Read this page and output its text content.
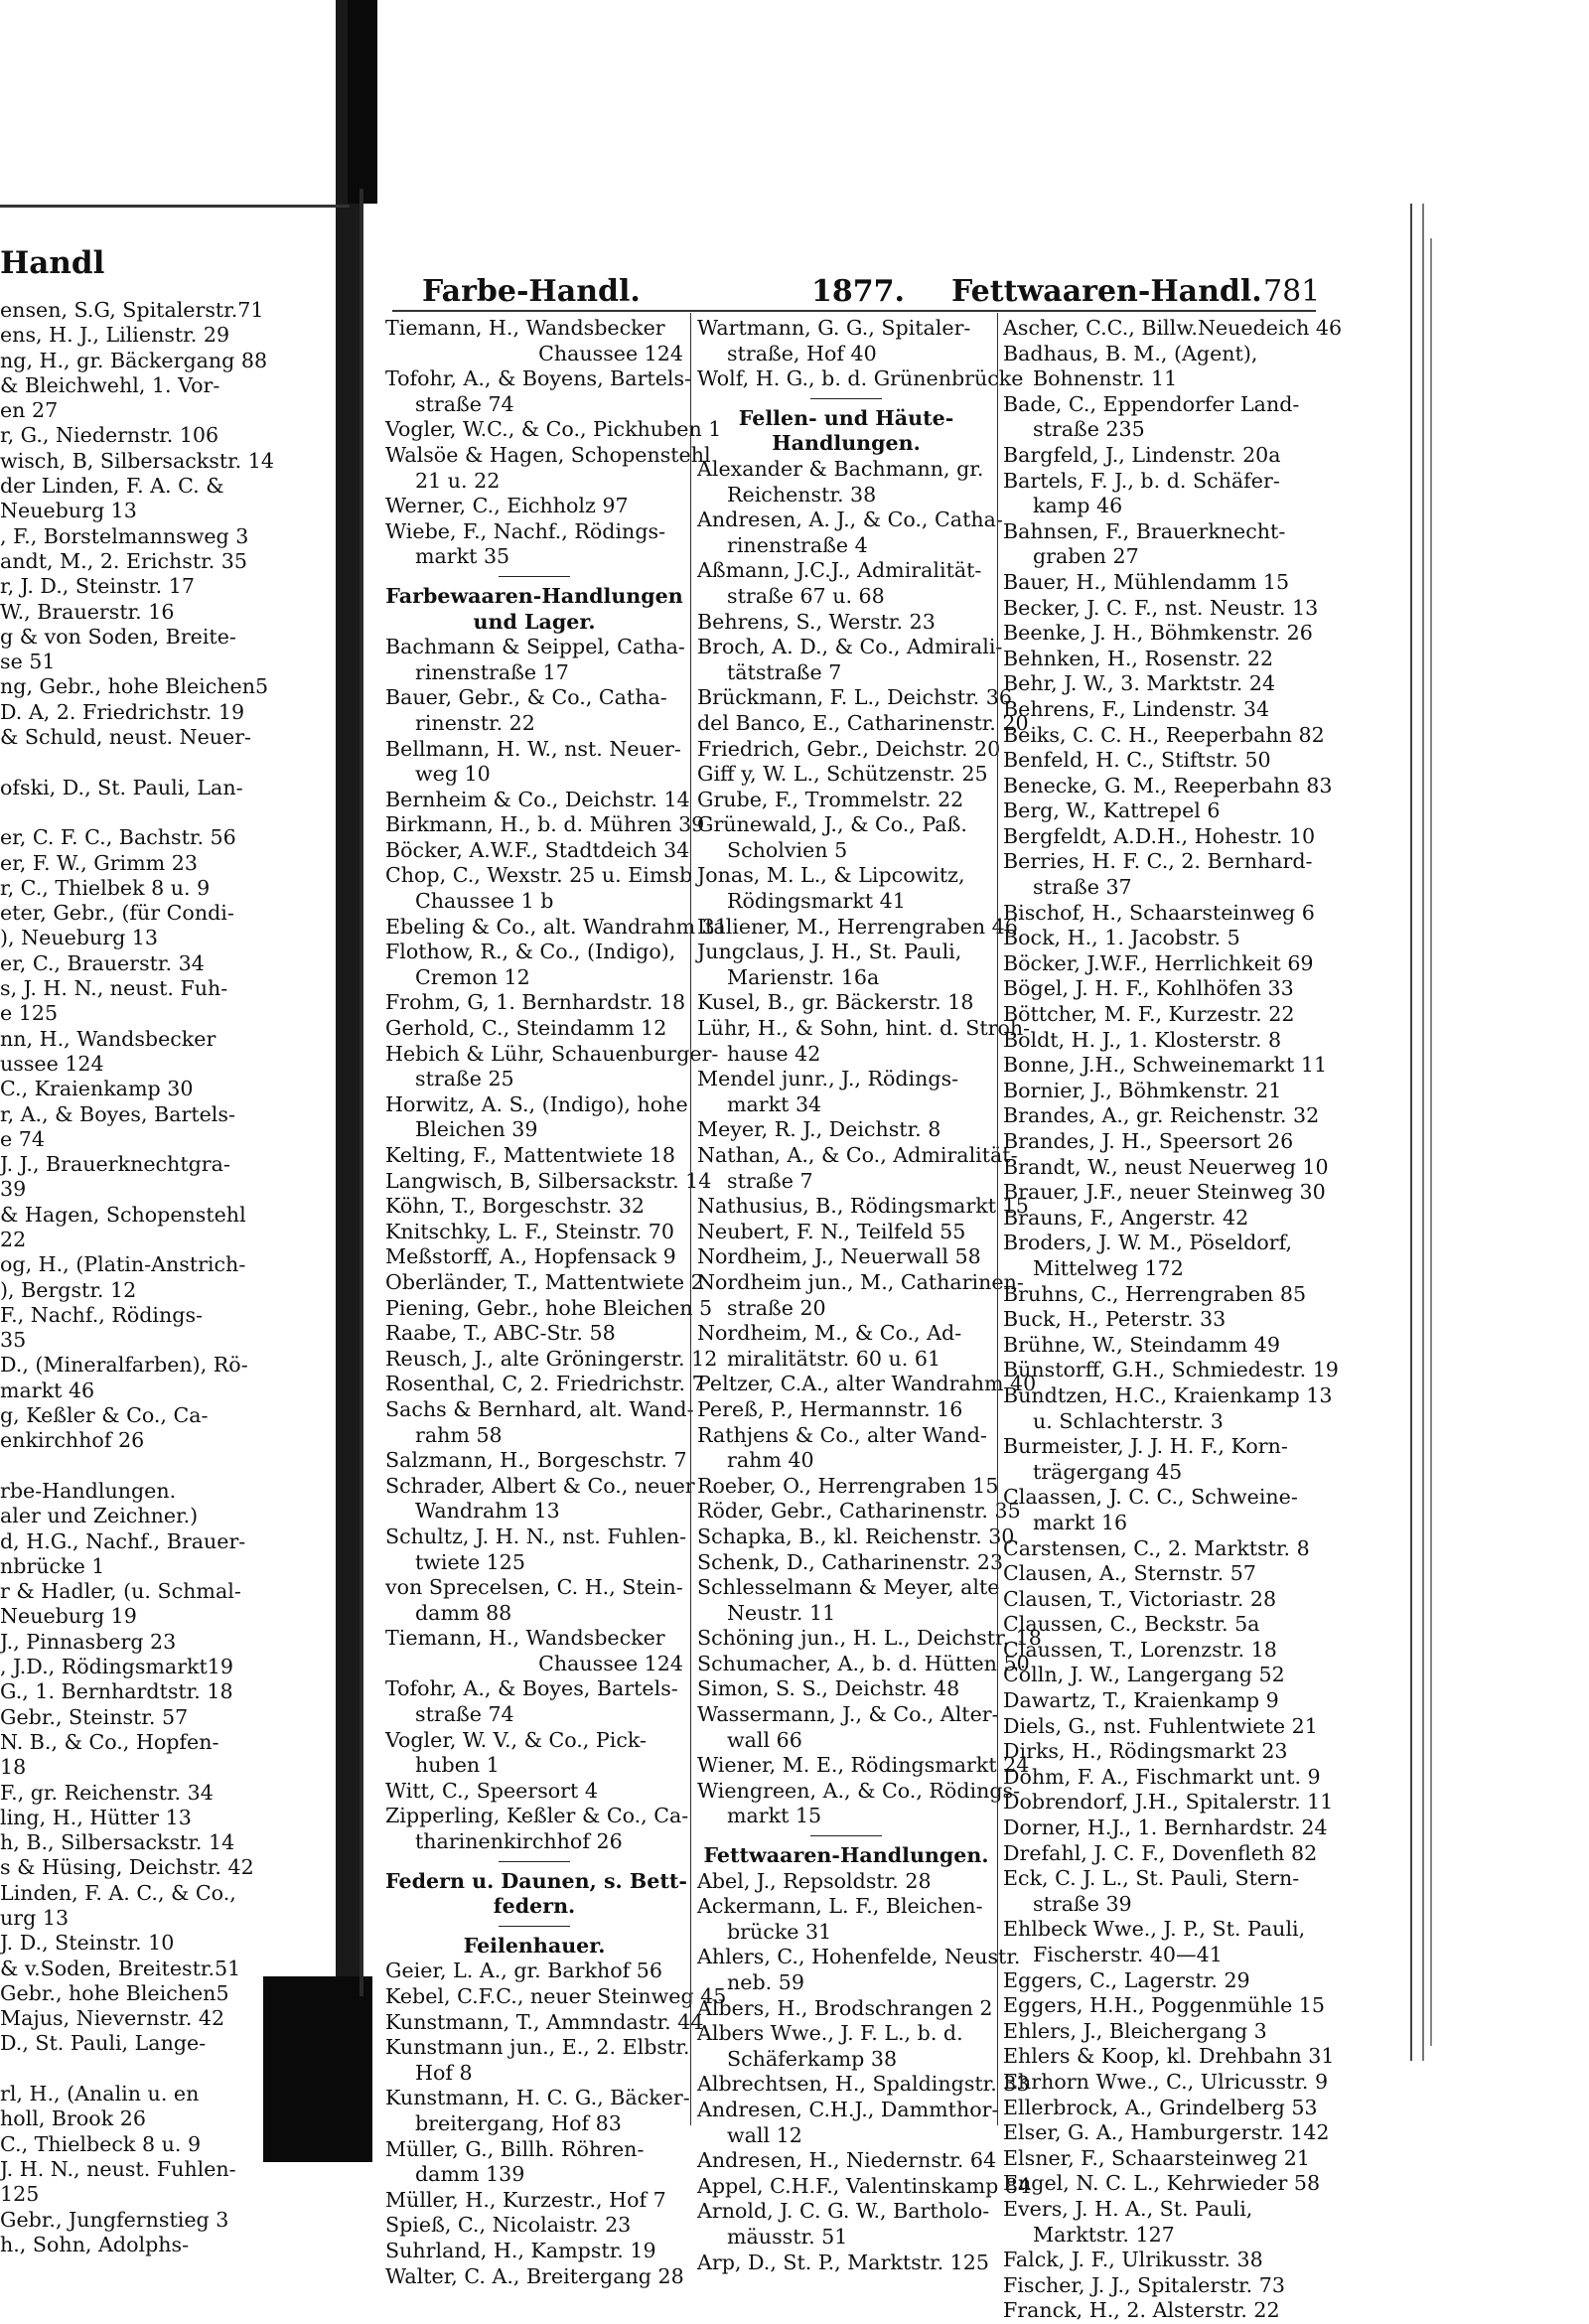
Handl
ensen, S.G, Spitalerstr.71
ens, H. J., Lilienstr. 29
ng, H., gr. Bäckergang 88
& Bleichwehl, 1. Vor-
en 27
r, G., Niedernstr. 106
wisch, B, Silbersackstr. 14
der Linden, F. A. C. &
Neueburg 13
, F., Borstelmannsweg 3
andt, M., 2. Erichstr. 35
r, J. D., Steinstr. 17
W., Brauerstr. 16
g & von Soden, Breite-
se 51
ng, Gebr., hohe Bleichen5
D. A, 2. Friedrichstr. 19
& Schuld, neust. Neuer-
ofski, D., St. Pauli, Lan-
er, C. F. C., Bachstr. 56
er, F. W., Grimm 23
r, C., Thielbek 8 u. 9
eter, Gebr., (für Condi-
), Neueburg 13
er, C., Brauerstr. 34
s, J. H. N., neust. Fuh-
e 125
nn, H., Wandsbecker
ussee 124
C., Kraienkamp 30
r, A., & Boyes, Bartels-
e 74
J. J., Brauerknechtgra-
39
& Hagen, Schopenstehl
22
og, H., (Platin-Anstrich-
), Bergstr. 12
F., Nachf., Rödings-
35
D., (Mineralfarben), Rö-
markt 46
g, Keßler & Co., Ca-
enkirchhof 26
rbe-Handlungen.
aler und Zeichner.)
d, H.G., Nachf., Brauer-
nbrücke 1
r & Hadler, (u. Schmal-
Neueburg 19
J., Pinnasberg 23
, J.D., Rödingsmarkt19
G., 1. Bernhardtstr. 18
Gebr., Steinstr. 57
N. B., & Co., Hopfen-
18
F., gr. Reichenstr. 34
ling, H., Hütter 13
h, B., Silbersackstr. 14
s & Hüsing, Deichstr. 42
Linden, F. A. C., & Co.,
urg 13
J. D., Steinstr. 10
& v.Soden, Breitestr.51
Gebr., hohe Bleichen5
Majus, Nievernstr. 42
D., St. Pauli, Lange-
rl, H., (Analin u. en
holl, Brook 26
C., Thielbeck 8 u. 9
J. H. N., neust. Fuhlen-
125
Gebr., Jungfernstieg 3
h., Sohn, Adolphs-
Farbe-Handl.	1877. Fettwaaren-Handl. 781
Tiemann, H., Wandsbecker
Chaussee 124
Tofohr, A., & Boyens, Bartels-
straße 74
Vogler, W.C., & Co., Pickhuben 1
Walsöe & Hagen, Schopenstehl
21 u. 22
Werner, C., Eichholz 97
Wiebe, F., Nachf., Rödings-
markt 35
Farbewaaren-Handlungen
und Lager.
Bachmann & Seippel, Catha-
rinenstraße 17
Bauer, Gebr., & Co., Catha-
rinenstr. 22
Bellmann, H. W., nst. Neuer-
weg 10
Bernheim & Co., Deichstr. 14
Birkmann, H., b. d. Mühren 39
Böcker, A.W.F., Stadtdeich 34
Chop, C., Wexstr. 25 u. Eimsb
Chaussee 1 b
Ebeling & Co., alt. Wandrahm 31
Flothow, R., & Co., (Indigo),
Cremon 12
Frohm, G, 1. Bernhardstr. 18
Gerhold, C., Steindamm 12
Hebich & Lühr, Schauenburger-
straße 25
Horwitz, A. S., (Indigo), hohe
Bleichen 39
Kelting, F., Mattentwiete 18
Langwisch, B, Silbersackstr. 14
Köhn, T., Borgeschstr. 32
Knitschky, L. F., Steinstr. 70
Meßstorff, A., Hopfensack 9
Oberländer, T., Mattentwiete 2
Piening, Gebr., hohe Bleichen 5
Raabe, T., ABC-Str. 58
Reusch, J., alte Gröningerstr. 12
Rosenthal, C, 2. Friedrichstr. 7
Sachs & Bernhard, alt. Wand-
rahm 58
Salzmann, H., Borgeschstr. 7
Schrader, Albert & Co., neuer
Wandrahm 13
Schultz, J. H. N., nst. Fuhlen-
twiete 125
von Sprecelsen, C. H., Stein-
damm 88
Tiemann, H., Wandsbecker
Chaussee 124
Tofohr, A., & Boyes, Bartels-
straße 74
Vogler, W. V., & Co., Pick-
huben 1
Witt, C., Speersort 4
Zipperling, Keßler & Co., Ca-
tharinenkirchhof 26
Federn u. Daunen, s. Bett-
federn.
Feilenhauer.
Geier, L. A., gr. Barkhof 56
Kebel, C.F.C., neuer Steinweg 45
Kunstmann, T., Ammndastr. 44
Kunstmann jun., E., 2. Elbstr.
Hof 8
Kunstmann, H. C. G., Bäcker-
breitergang, Hof 83
Müller, G., Billh. Röhren-
damm 139
Müller, H., Kurzestr., Hof 7
Spieß, C., Nicolaistr. 23
Suhrland, H., Kampstr. 19
Walter, C. A., Breitergang 28
Wartmann, G. G., Spitaler-
straße, Hof 40
Wolf, H. G., b. d. Grünenbrücke
Fellen- und Häute-
Handlungen.
Alexander & Bachmann, gr.
Reichenstr. 38
Andresen, A. J., & Co., Catha-
rinenstraße 4
Aßmann, J.C.J., Admiralität-
straße 67 u. 68
Behrens, S., Werstr. 23
Broch, A. D., & Co., Admirali-
tätstraße 7
Brückmann, F. L., Deichstr. 36
del Banco, E., Catharinenstr. 20
Friedrich, Gebr., Deichstr. 20
Giff y, W. L., Schützenstr. 25
Grube, F., Trommelstr. 22
Grünewald, J., & Co., Paß.
Scholvien 5
Jonas, M. L., & Lipcowitz,
Rödingsmarkt 41
Italiener, M., Herrengraben 46
Jungclaus, J. H., St. Pauli,
Marienstr. 16a
Kusel, B., gr. Bäckerstr. 18
Lühr, H., & Sohn, hint. d. Stroh-
hause 42
Mendel junr., J., Rödings-
markt 34
Meyer, R. J., Deichstr. 8
Nathan, A., & Co., Admiralität-
straße 7
Nathusius, B., Rödingsmarkt 15
Neubert, F. N., Teilfeld 55
Nordheim, J., Neuerwall 58
Nordheim jun., M., Catharinen-
straße 20
Nordheim, M., & Co., Ad-
miralitätstr. 60 u. 61
Peltzer, C.A., alter Wandrahm 40
Pereß, P., Hermannstr. 16
Rathjens & Co., alter Wand-
rahm 40
Roeber, O., Herrengraben 15
Röder, Gebr., Catharinenstr. 35
Schapka, B., kl. Reichenstr. 30
Schenk, D., Catharinenstr. 23
Schlesselmann & Meyer, alte
Neustr. 11
Schöning jun., H. L., Deichstr. 18
Schumacher, A., b. d. Hütten 50
Simon, S. S., Deichstr. 48
Wassermann, J., & Co., Alter-
wall 66
Wiener, M. E., Rödingsmarkt 24
Wiengreen, A., & Co., Rödings-
markt 15
Fettwaaren-Handlungen.
Abel, J., Repsoldstr. 28
Ackermann, L. F., Bleichen-
brücke 31
Ahlers, C., Hohenfelde, Neustr.
neb. 59
Albers, H., Brodschrangen 2
Albers Wwe., J. F. L., b. d.
Schäferkamp 38
Albrechtsen, H., Spaldingstr. 33
Andresen, C.H.J., Dammthor-
wall 12
Andresen, H., Niedernstr. 64
Appel, C.H.F., Valentinskamp 84
Arnold, J. C. G. W., Bartholo-
mäusstr. 51
Arp, D., St. P., Marktstr. 125
Ascher, C.C., Billw.Neuedeich 46
Badhaus, B. M., (Agent),
Bohnenstr. 11
Bade, C., Eppendorfer Land-
straße 235
Bargfeld, J., Lindenstr. 20a
Bartels, F. J., b. d. Schäfer-
kamp 46
Bahnsen, F., Brauerknecht-
graben 27
Bauer, H., Mühlendamm 15
Becker, J. C. F., nst. Neustr. 13
Beenke, J. H., Böhmkenstr. 26
Behnken, H., Rosenstr. 22
Behr, J. W., 3. Marktstr. 24
Behrens, F., Lindenstr. 34
Beiks, C. C. H., Reeperbahn 82
Benfeld, H. C., Stiftstr. 50
Benecke, G. M., Reeperbahn 83
Berg, W., Kattrepel 6
Bergfeldt, A.D.H., Hohestr. 10
Berries, H. F. C., 2. Bernhard-
straße 37
Bischof, H., Schaarsteinweg 6
Bock, H., 1. Jacobstr. 5
Böcker, J.W.F., Herrlichkeit 69
Bögel, J. H. F., Kohlhöfen 33
Böttcher, M. F., Kurzestr. 22
Boldt, H. J., 1. Klosterstr. 8
Bonne, J.H., Schweinemarkt 11
Bornier, J., Böhmkenstr. 21
Brandes, A., gr. Reichenstr. 32
Brandes, J. H., Speersort 26
Brandt, W., neust Neuerweg 10
Brauer, J.F., neuer Steinweg 30
Brauns, F., Angerstr. 42
Broders, J. W. M., Pöseldorf,
Mittelweg 172
Bruhns, C., Herrengraben 85
Buck, H., Peterstr. 33
Brühne, W., Steindamm 49
Bünstorff, G.H., Schmiedestr. 19
Bundtzen, H.C., Kraienkamp 13
u. Schlachterstr. 3
Burmeister, J. J. H. F., Korn-
trägergang 45
Claassen, J. C. C., Schweine-
markt 16
Carstensen, C., 2. Marktstr. 8
Clausen, A., Sternstr. 57
Clausen, T., Victoriastr. 28
Claussen, C., Beckstr. 5a
Claussen, T., Lorenzstr. 18
Cölln, J. W., Langergang 52
Dawartz, T., Kraienkamp 9
Diels, G., nst. Fuhlentwiete 21
Dirks, H., Rödingsmarkt 23
Dohm, F. A., Fischmarkt unt. 9
Dobrendorf, J.H., Spitalerstr. 11
Dorner, H.J., 1. Bernhardstr. 24
Drefahl, J. C. F., Dovenfleth 82
Eck, C. J. L., St. Pauli, Stern-
straße 39
Ehlbeck Wwe., J. P., St. Pauli,
Fischerstr. 40—41
Eggers, C., Lagerstr. 29
Eggers, H.H., Poggenmühle 15
Ehlers, J., Bleichergang 3
Ehlers & Koop, kl. Drehbahn 31
Ehrhorn Wwe., C., Ulricusstr. 9
Ellerbrock, A., Grindelberg 53
Elser, G. A., Hamburgerstr. 142
Elsner, F., Schaarsteinweg 21
Engel, N. C. L., Kehrwieder 58
Evers, J. H. A., St. Pauli,
Marktstr. 127
Falck, J. F., Ulrikusstr. 38
Fischer, J. J., Spitalerstr. 73
Franck, H., 2. Alsterstr. 22
